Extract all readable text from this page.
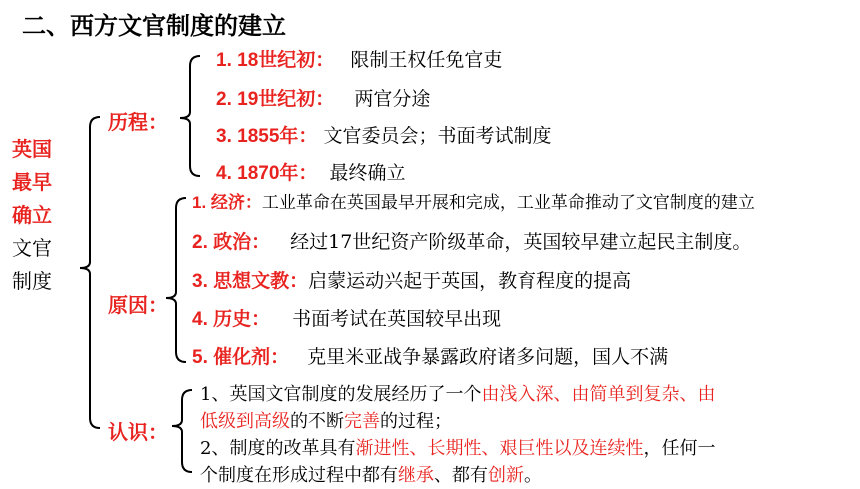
二、西方文官制度的建立
英国
最早
确立
文官
制度
历程：
原因：
认识：
1. 18世纪初： 限制王权任免官吏
2. 19世纪初： 两官分途
3. 1855年： 文官委员会；书面考试制度
4. 1870年： 最终确立
1. 经济：工业革命在英国最早开展和完成，工业革命推动了文官制度的建立
2. 政治： 经过17世纪资产阶级革命，英国较早建立起民主制度。
3. 思想文教：启蒙运动兴起于英国，教育程度的提高
4. 历史： 书面考试在英国较早出现
5. 催化剂： 克里米亚战争暴露政府诸多问题，国人不满
1、英国文官制度的发展经历了一个由浅入深、由简单到复杂、由
低级到高级的不断完善的过程；
2、制度的改革具有渐进性、长期性、艰巨性以及连续性，任何一
个制度在形成过程中都有继承、都有创新。
